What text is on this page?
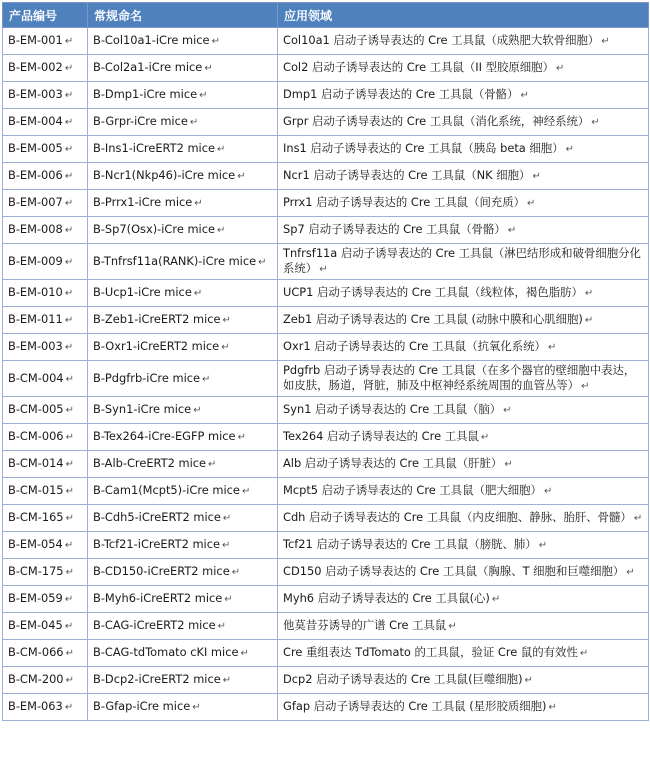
产品编号	常规命名	应用领域
B-EM-001 ↵	B-Col10a1-iCre mice ↵	Col10a1 启动子诱导表达的 Cre 工具鼠（成熟肥大软骨细胞） ↵
B-EM-002 ↵	B-Col2a1-iCre mice ↵	Col2 启动子诱导表达的 Cre 工具鼠（II 型胶原细胞） ↵
B-EM-003 ↵	B-Dmp1-iCre mice ↵	Dmp1 启动子诱导表达的 Cre 工具鼠（骨骼） ↵
B-EM-004 ↵	B-Grpr-iCre mice ↵	Grpr 启动子诱导表达的 Cre 工具鼠（消化系统，神经系统） ↵
B-EM-005 ↵	B-Ins1-iCreERT2 mice ↵	Ins1 启动子诱导表达的 Cre 工具鼠（胰岛 beta 细胞） ↵
B-EM-006 ↵	B-Ncr1(Nkp46)-iCre mice ↵	Ncr1 启动子诱导表达的 Cre 工具鼠（NK 细胞） ↵
B-EM-007 ↵	B-Prrx1-iCre mice ↵	Prrx1 启动子诱导表达的 Cre 工具鼠（间充质） ↵
B-EM-008 ↵	B-Sp7(Osx)-iCre mice ↵	Sp7 启动子诱导表达的 Cre 工具鼠（骨骼） ↵
B-EM-009 ↵	B-Tnfrsf11a(RANK)-iCre mice ↵	Tnfrsf11a 启动子诱导表达的 Cre 工具鼠（淋巴结形成和破骨细胞分化系统） ↵
B-EM-010 ↵	B-Ucp1-iCre mice ↵	UCP1 启动子诱导表达的 Cre 工具鼠（线粒体，褐色脂肪） ↵
B-EM-011 ↵	B-Zeb1-iCreERT2 mice ↵	Zeb1 启动子诱导表达的 Cre 工具鼠 (动脉中膜和心肌细胞) ↵
B-EM-003 ↵	B-Oxr1-iCreERT2 mice ↵	Oxr1 启动子诱导表达的 Cre 工具鼠（抗氧化系统） ↵
B-CM-004 ↵	B-Pdgfrb-iCre mice ↵	Pdgfrb 启动子诱导表达的 Cre 工具鼠（在多个器官的壁细胞中表达，如皮肤，肠道，肾脏，肺及中枢神经系统周围的血管丛等） ↵
B-CM-005 ↵	B-Syn1-iCre mice ↵	Syn1 启动子诱导表达的 Cre 工具鼠（脑） ↵
B-CM-006 ↵	B-Tex264-iCre-EGFP mice ↵	Tex264 启动子诱导表达的 Cre 工具鼠 ↵
B-CM-014 ↵	B-Alb-CreERT2 mice ↵	Alb 启动子诱导表达的 Cre 工具鼠（肝脏） ↵
B-CM-015 ↵	B-Cam1(Mcpt5)-iCre mice ↵	Mcpt5 启动子诱导表达的 Cre 工具鼠（肥大细胞） ↵
B-CM-165 ↵	B-Cdh5-iCreERT2 mice ↵	Cdh 启动子诱导表达的 Cre 工具鼠（内皮细胞、静脉、胎肝、骨髓） ↵
B-EM-054 ↵	B-Tcf21-iCreERT2 mice ↵	Tcf21 启动子诱导表达的 Cre 工具鼠（膀胱、肺） ↵
B-CM-175 ↵	B-CD150-iCreERT2 mice ↵	CD150 启动子诱导表达的 Cre 工具鼠（胸腺、T 细胞和巨噬细胞） ↵
B-EM-059 ↵	B-Myh6-iCreERT2 mice ↵	Myh6 启动子诱导表达的 Cre 工具鼠(心) ↵
B-EM-045 ↵	B-CAG-iCreERT2 mice ↵	他莫昔芬诱导的广谱 Cre 工具鼠 ↵
B-CM-066 ↵	B-CAG-tdTomato cKI mice ↵	Cre 重组表达 TdTomato 的工具鼠，验证 Cre 鼠的有效性 ↵
B-CM-200 ↵	B-Dcp2-iCreERT2 mice ↵	Dcp2 启动子诱导表达的 Cre 工具鼠(巨噬细胞) ↵
B-EM-063 ↵	B-Gfap-iCre mice ↵	Gfap 启动子诱导表达的 Cre 工具鼠 (星形胶质细胞) ↵
